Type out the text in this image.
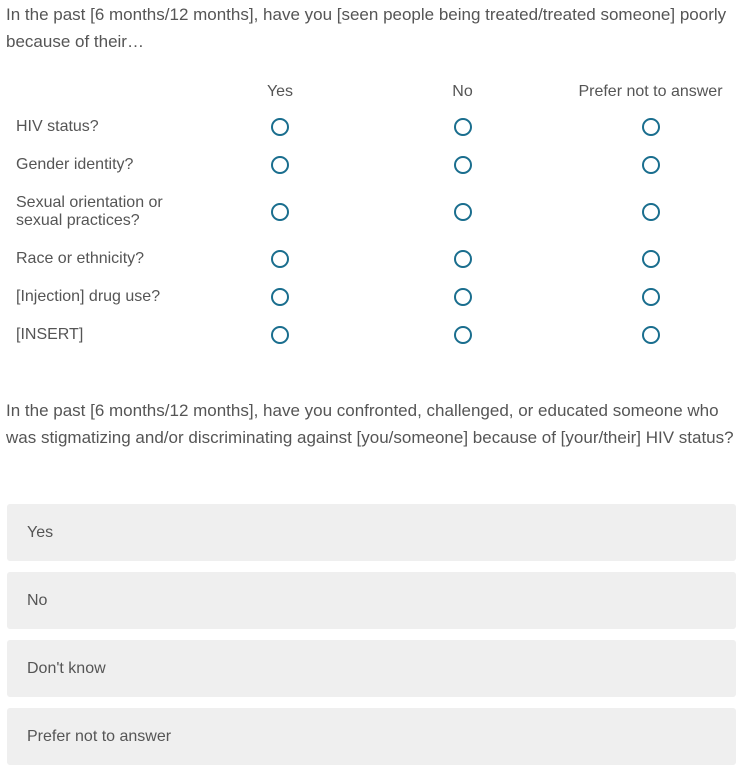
In the past [6 months/12 months], have you [seen people being treated/treated someone] poorly because of their…
	Yes	No	Prefer not to answer
HIV status?			
Gender identity?			
Sexual orientation or sexual practices?			
Race or ethnicity?			
[Injection] drug use?			
[INSERT]			
In the past [6 months/12 months], have you confronted, challenged, or educated someone who was stigmatizing and/or discriminating against [you/someone] because of [your/their] HIV status?
Yes
No
Don't know
Prefer not to answer
